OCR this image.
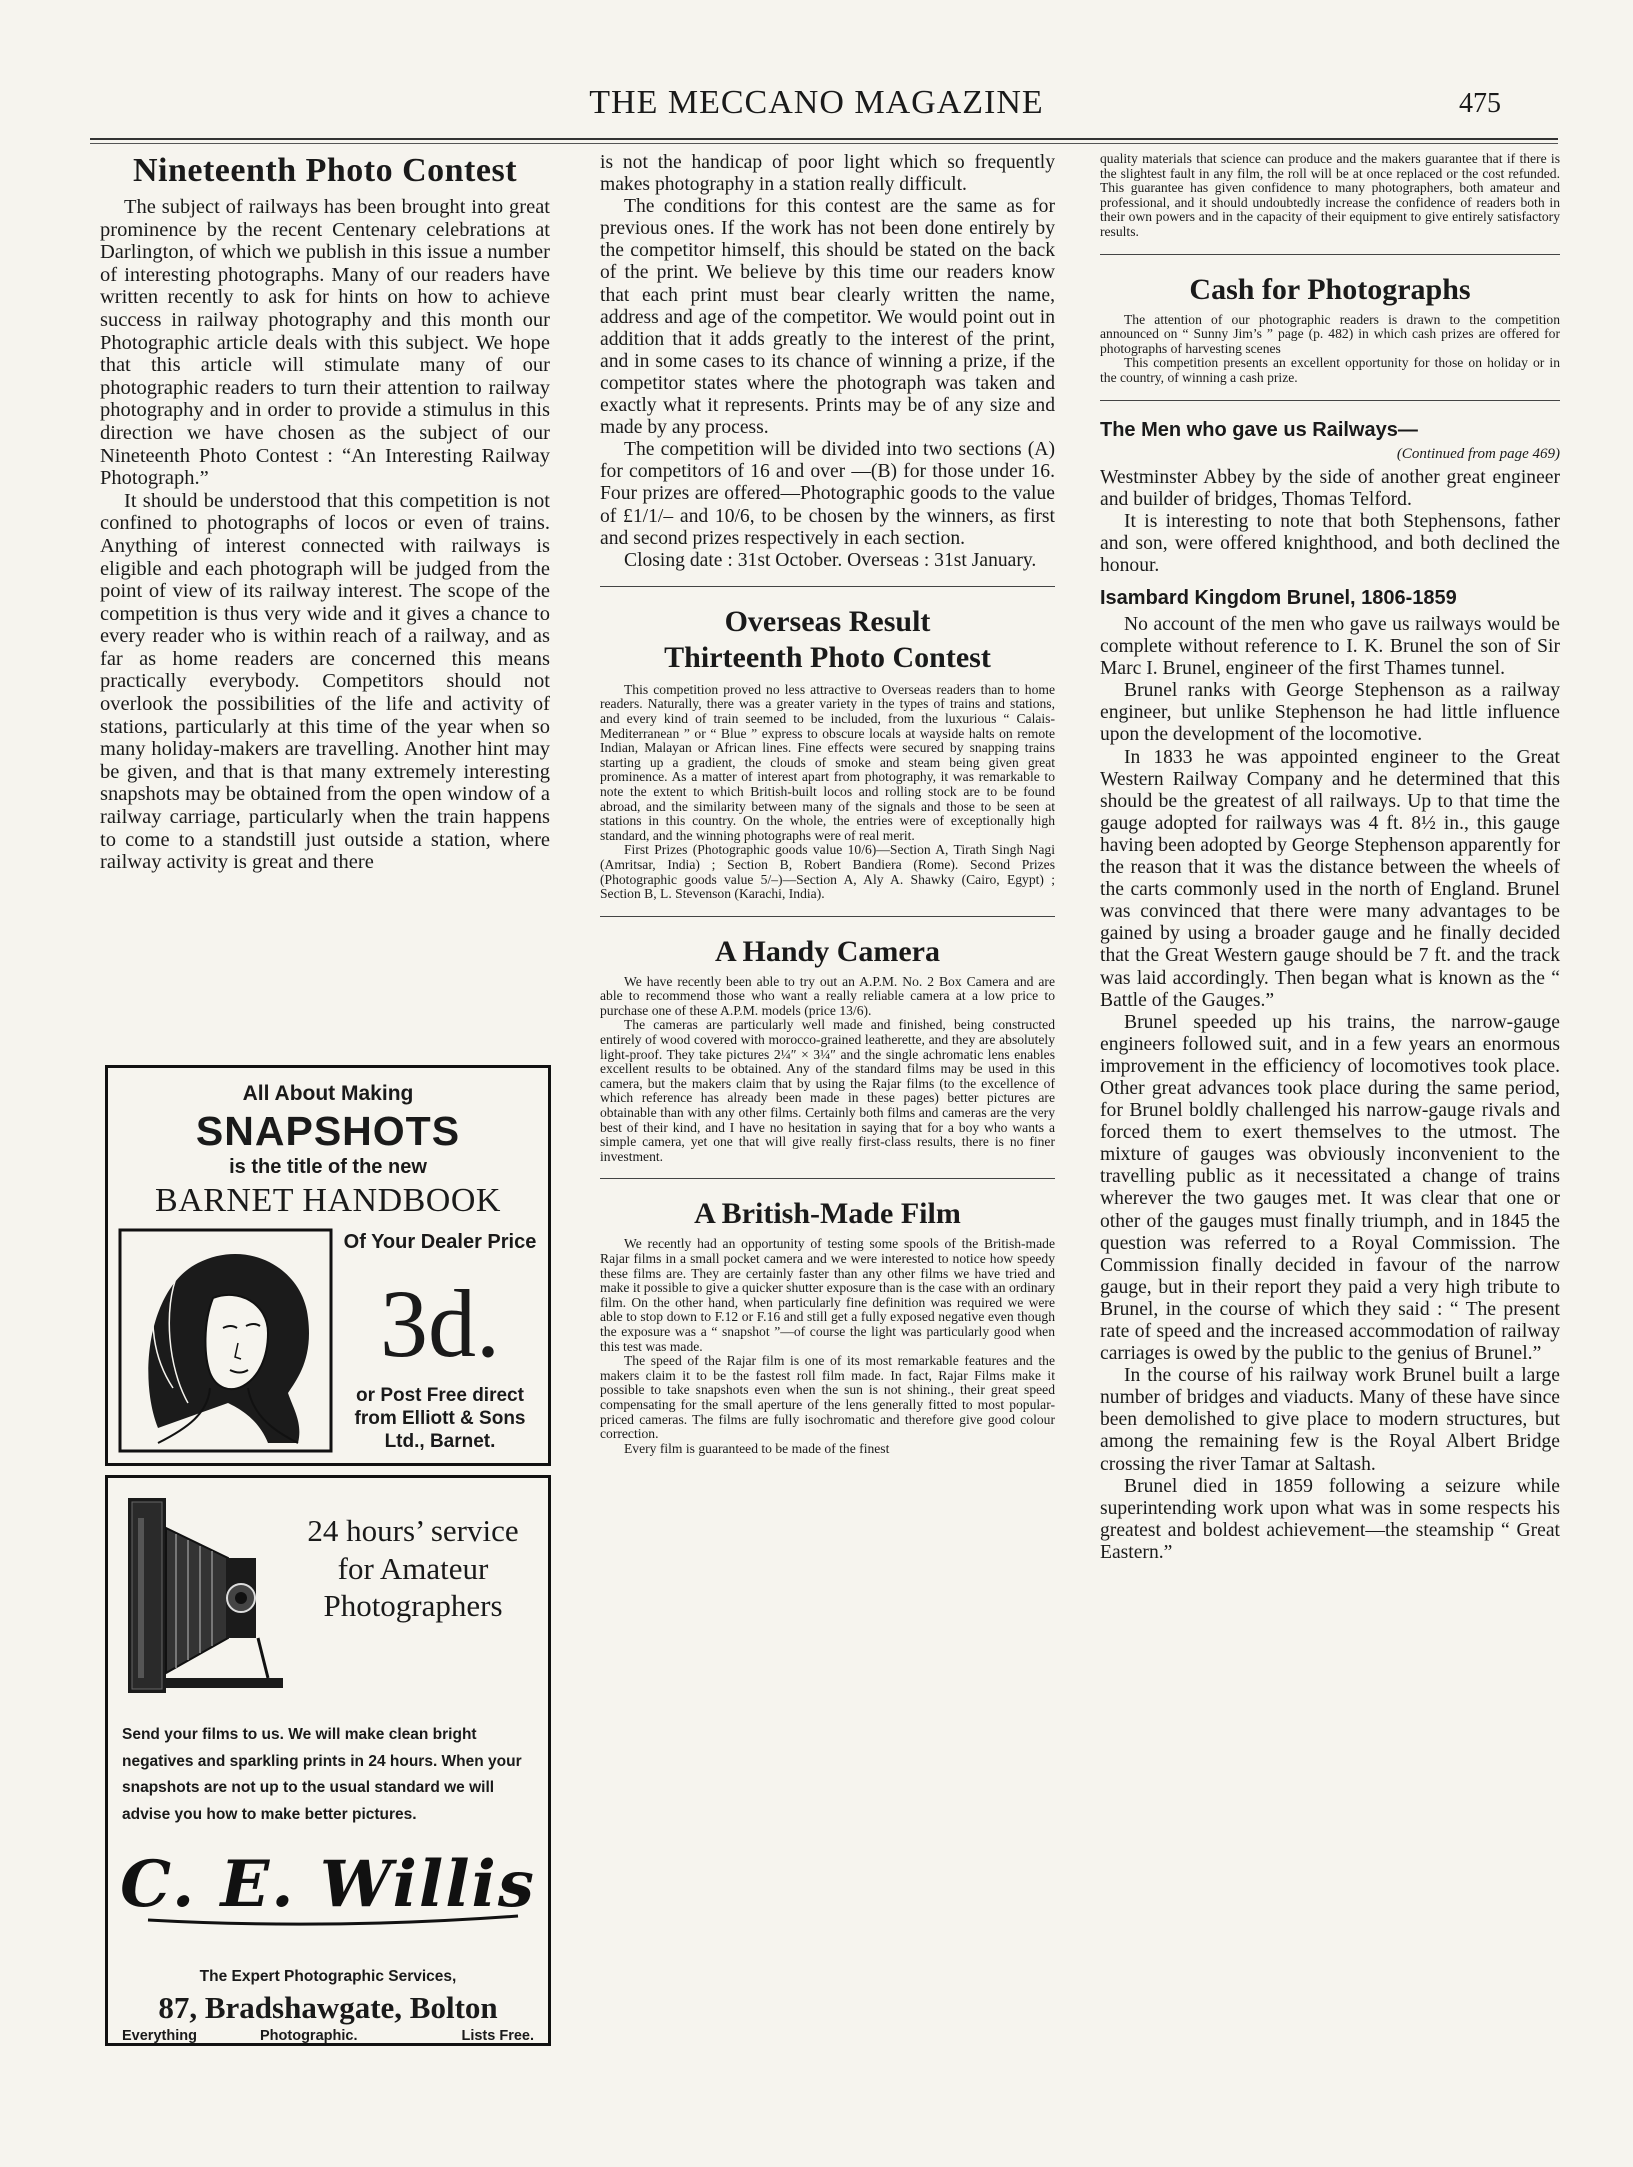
THE MECCANO MAGAZINE	475
Nineteenth Photo Contest

The subject of railways has been brought into great prominence by the recent Centenary celebrations at Darlington, of which we publish in this issue a number of interesting photographs. Many of our readers have written recently to ask for hints on how to achieve success in railway photography and this month our Photographic article deals with this subject. We hope that this article will stimulate many of our photographic readers to turn their attention to railway photography and in order to provide a stimulus in this direction we have chosen as the subject of our Nineteenth Photo Contest : “An Interesting Railway Photograph.”

It should be understood that this competition is not confined to photographs of locos or even of trains. Anything of interest connected with railways is eligible and each photograph will be judged from the point of view of its railway interest. The scope of the competition is thus very wide and it gives a chance to every reader who is within reach of a railway, and as far as home readers are concerned this means practically everybody. Competitors should not overlook the possibilities of the life and activity of stations, particularly at this time of the year when so many holiday-makers are travelling. Another hint may be given, and that is that many extremely interesting snapshots may be obtained from the open window of a railway carriage, particularly when the train happens to come to a standstill just outside a station, where railway activity is great and there

All About Making
SNAPSHOTS
is the title of the new
BARNET HANDBOOK
Of Your Dealer Price
3d.
or Post Free direct from Elliott & Sons Ltd., Barnet.
24 hours’ service for Amateur Photographers
Send your films to us. We will make clean bright negatives and sparkling prints in 24 hours. When your snapshots are not up to the usual standard we will advise you how to make better pictures.
C. E. Willis
The Expert Photographic Services,
87, Bradshawgate, Bolton
Everything	Photographic.	Lists Free.

is not the handicap of poor light which so frequently makes photography in a station really difficult.

The conditions for this contest are the same as for previous ones. If the work has not been done entirely by the competitor himself, this should be stated on the back of the print. We believe by this time our readers know that each print must bear clearly written the name, address and age of the competitor. We would point out in addition that it adds greatly to the interest of the print, and in some cases to its chance of winning a prize, if the competitor states where the photograph was taken and exactly what it represents. Prints may be of any size and made by any process.

The competition will be divided into two sections (A) for competitors of 16 and over —(B) for those under 16. Four prizes are offered—Photographic goods to the value of £1/1/– and 10/6, to be chosen by the winners, as first and second prizes respectively in each section.

Closing date : 31st October. Overseas : 31st January.

Overseas Result
Thirteenth Photo Contest

This competition proved no less attractive to Overseas readers than to home readers. Naturally, there was a greater variety in the types of trains and stations, and every kind of train seemed to be included, from the luxurious “ Calais-Mediterranean ” or “ Blue ” express to obscure locals at wayside halts on remote Indian, Malayan or African lines. Fine effects were secured by snapping trains starting up a gradient, the clouds of smoke and steam being given great prominence. As a matter of interest apart from photography, it was remarkable to note the extent to which British-built locos and rolling stock are to be found abroad, and the similarity between many of the signals and those to be seen at stations in this country. On the whole, the entries were of exceptionally high standard, and the winning photographs were of real merit.

First Prizes (Photographic goods value 10/6)—Section A, Tirath Singh Nagi (Amritsar, India) ; Section B, Robert Bandiera (Rome). Second Prizes (Photographic goods value 5/–)—Section A, Aly A. Shawky (Cairo, Egypt) ; Section B, L. Stevenson (Karachi, India).

A Handy Camera

We have recently been able to try out an A.P.M. No. 2 Box Camera and are able to recommend those who want a really reliable camera at a low price to purchase one of these A.P.M. models (price 13/6).

The cameras are particularly well made and finished, being constructed entirely of wood covered with morocco-grained leatherette, and they are absolutely light-proof. They take pictures 2¼″ × 3¼″ and the single achromatic lens enables excellent results to be obtained. Any of the standard films may be used in this camera, but the makers claim that by using the Rajar films (to the excellence of which reference has already been made in these pages) better pictures are obtainable than with any other films. Certainly both films and cameras are the very best of their kind, and I have no hesitation in saying that for a boy who wants a simple camera, yet one that will give really first-class results, there is no finer investment.

A British-Made Film

We recently had an opportunity of testing some spools of the British-made Rajar films in a small pocket camera and we were interested to notice how speedy these films are. They are certainly faster than any other films we have tried and make it possible to give a quicker shutter exposure than is the case with an ordinary film. On the other hand, when particularly fine definition was required we were able to stop down to F.12 or F.16 and still get a fully exposed negative even though the exposure was a “ snapshot ”—of course the light was particularly good when this test was made.

The speed of the Rajar film is one of its most remarkable features and the makers claim it to be the fastest roll film made. In fact, Rajar Films make it possible to take snapshots even when the sun is not shining., their great speed compensating for the small aperture of the lens generally fitted to most popular-priced cameras. The films are fully isochromatic and therefore give good colour correction.

Every film is guaranteed to be made of the finest

quality materials that science can produce and the makers guarantee that if there is the slightest fault in any film, the roll will be at once replaced or the cost refunded. This guarantee has given confidence to many photographers, both amateur and professional, and it should undoubtedly increase the confidence of readers both in their own powers and in the capacity of their equipment to give entirely satisfactory results.

Cash for Photographs

The attention of our photographic readers is drawn to the competition announced on “ Sunny Jim’s ” page (p. 482) in which cash prizes are offered for photographs of harvesting scenes

This competition presents an excellent opportunity for those on holiday or in the country, of winning a cash prize.

The Men who gave us Railways—
(Continued from page 469)

Westminster Abbey by the side of another great engineer and builder of bridges, Thomas Telford.

It is interesting to note that both Stephensons, father and son, were offered knighthood, and both declined the honour.

Isambard Kingdom Brunel, 1806-1859

No account of the men who gave us railways would be complete without reference to I. K. Brunel the son of Sir Marc I. Brunel, engineer of the first Thames tunnel.

Brunel ranks with George Stephenson as a railway engineer, but unlike Stephenson he had little influence upon the development of the locomotive.

In 1833 he was appointed engineer to the Great Western Railway Company and he determined that this should be the greatest of all railways. Up to that time the gauge adopted for railways was 4 ft. 8½ in., this gauge having been adopted by George Stephenson apparently for the reason that it was the distance between the wheels of the carts commonly used in the north of England. Brunel was convinced that there were many advantages to be gained by using a broader gauge and he finally decided that the Great Western gauge should be 7 ft. and the track was laid accordingly. Then began what is known as the “ Battle of the Gauges.”

Brunel speeded up his trains, the narrow-gauge engineers followed suit, and in a few years an enormous improvement in the efficiency of locomotives took place. Other great advances took place during the same period, for Brunel boldly challenged his narrow-gauge rivals and forced them to exert themselves to the utmost. The mixture of gauges was obviously inconvenient to the travelling public as it necessitated a change of trains wherever the two gauges met. It was clear that one or other of the gauges must finally triumph, and in 1845 the question was referred to a Royal Commission. The Commission finally decided in favour of the narrow gauge, but in their report they paid a very high tribute to Brunel, in the course of which they said : “ The present rate of speed and the increased accommodation of railway carriages is owed by the public to the genius of Brunel.”

In the course of his railway work Brunel built a large number of bridges and viaducts. Many of these have since been demolished to give place to modern structures, but among the remaining few is the Royal Albert Bridge crossing the river Tamar at Saltash.

Brunel died in 1859 following a seizure while superintending work upon what was in some respects his greatest and boldest achievement—the steamship “ Great Eastern.”
